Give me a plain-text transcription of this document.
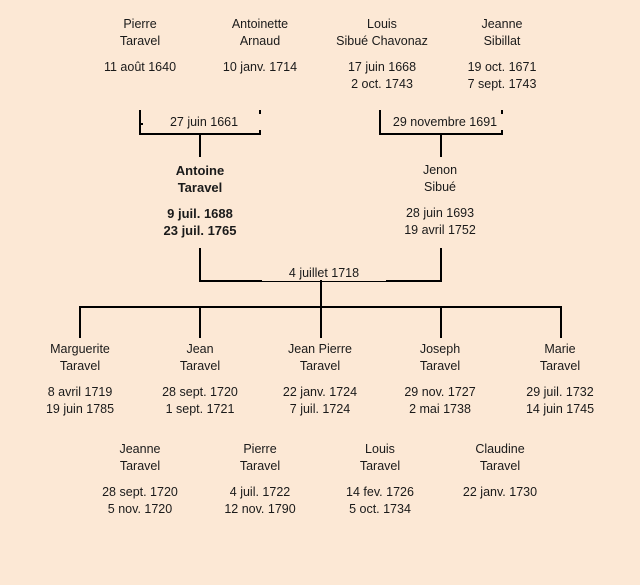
Pierre
Taravel
11 août 1640
Antoinette
Arnaud
10 janv. 1714
Louis
Sibué Chavonaz
17 juin 1668
2 oct. 1743
Jeanne
Sibillat
19 oct. 1671
7 sept. 1743
27 juin 1661	29 novembre 1691
Antoine
Taravel
9 juil. 1688
23 juil. 1765
Jenon
Sibué
28 juin 1693
19 avril 1752
4 juillet 1718
Marguerite
Taravel
8 avril 1719
19 juin 1785
Jean
Taravel
28 sept. 1720
1 sept. 1721
Jean Pierre
Taravel
22 janv. 1724
7 juil. 1724
Joseph
Taravel
29 nov. 1727
2 mai 1738
Marie
Taravel
29 juil. 1732
14 juin 1745
Jeanne
Taravel
28 sept. 1720
5 nov. 1720
Pierre
Taravel
4 juil. 1722
12 nov. 1790
Louis
Taravel
14 fev. 1726
5 oct. 1734
Claudine
Taravel
22 janv. 1730
